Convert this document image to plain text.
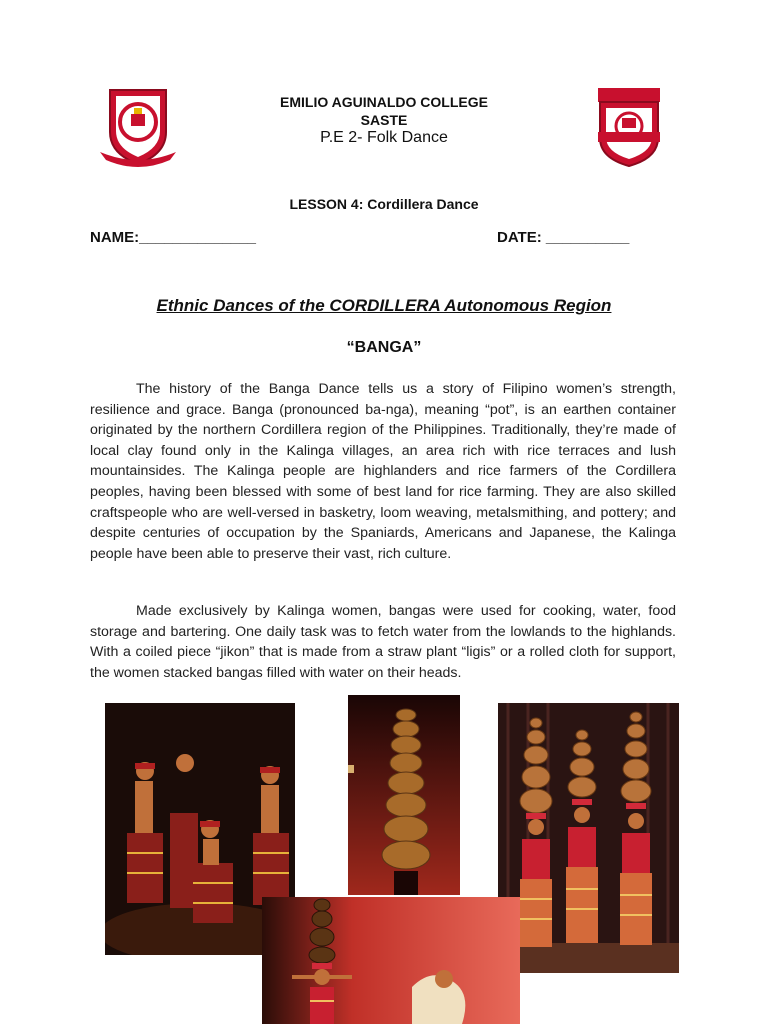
EMILIO AGUINALDO COLLEGE
SASTE
P.E 2- Folk Dance
LESSON 4: Cordillera Dance
NAME:______________	DATE: __________
Ethnic Dances of the CORDILLERA Autonomous Region
“BANGA”
The history of the Banga Dance tells us a story of Filipino women’s strength, resilience and grace. Banga (pronounced ba-nga), meaning “pot”, is an earthen container originated by the northern Cordillera region of the Philippines. Traditionally, they’re made of local clay found only in the Kalinga villages, an area rich with rice terraces and lush mountainsides. The Kalinga people are highlanders and rice farmers of the Cordillera peoples, having been blessed with some of best land for rice farming. They are also skilled craftspeople who are well-versed in basketry, loom weaving, metalsmithing, and pottery; and despite centuries of occupation by the Spaniards, Americans and Japanese, the Kalinga people have been able to preserve their vast, rich culture.
Made exclusively by Kalinga women, bangas were used for cooking, water, food storage and bartering. One daily task was to fetch water from the lowlands to the highlands. With a coiled piece “jikon” that is made from a straw plant “ligis” or a rolled cloth for support, the women stacked bangas filled with water on their heads.
